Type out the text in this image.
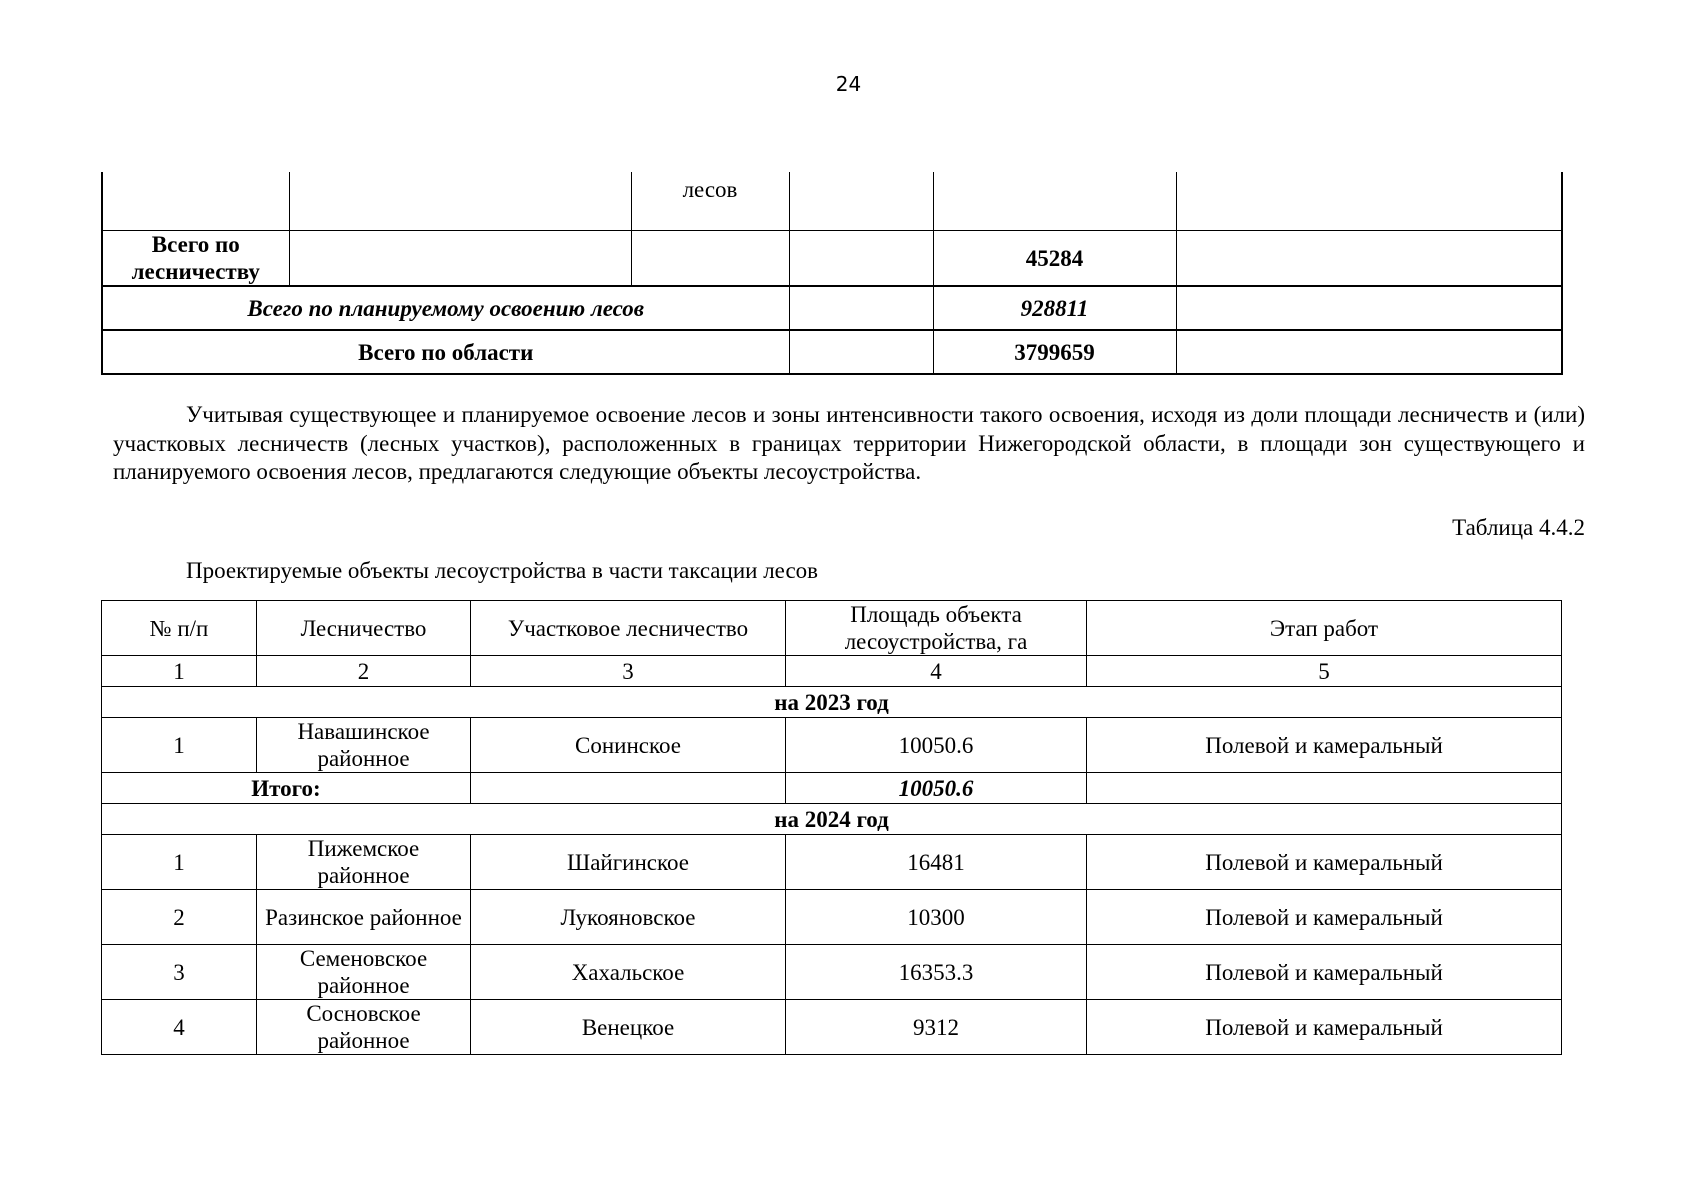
24
		лесов			
Всего по лесничеству				45284	
Всего по планируемому освоению лесов				928811	
Всего по области				3799659	
Учитывая существующее и планируемое освоение лесов и зоны интенсивности такого освоения, исходя из доли площади лесничеств и (или) участковых лесничеств (лесных участков), расположенных в границах территории Нижегородской области, в площади зон существующего и планируемого освоения лесов, предлагаются следующие объекты лесоустройства.
Таблица 4.4.2
Проектируемые объекты лесоустройства в части таксации лесов
№ п/п	Лесничество	Участковое лесничество	Площадь объекта лесоустройства, га	Этап работ
1	2	3	4	5
на 2023 год				
1	Навашинское районное	Сонинское	10050.6	Полевой и камеральный
Итого:			10050.6	
на 2024 год				
1	Пижемское районное	Шайгинское	16481	Полевой и камеральный
2	Разинское районное	Лукояновское	10300	Полевой и камеральный
3	Семеновское районное	Хахальское	16353.3	Полевой и камеральный
4	Сосновское районное	Венецкое	9312	Полевой и камеральный
